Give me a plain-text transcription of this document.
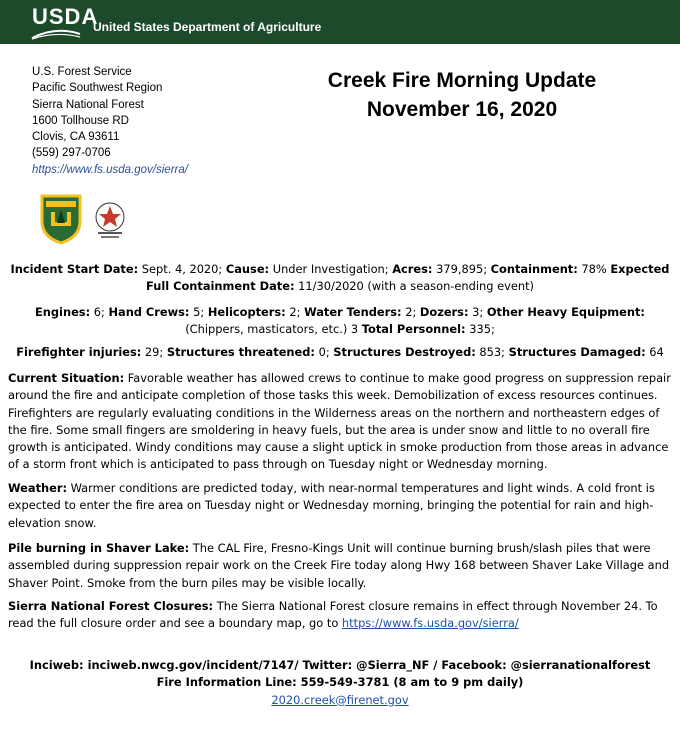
USDA
United States Department of Agriculture
U.S. Forest Service
Pacific Southwest Region
Sierra National Forest
1600 Tollhouse RD
Clovis, CA 93611
(559) 297-0706
https://www.fs.usda.gov/sierra/
Creek Fire Morning Update
November 16, 2020
Incident Start Date: Sept. 4, 2020; Cause: Under Investigation; Acres: 379,895; Containment: 78% Expected Full Containment Date: 11/30/2020 (with a season-ending event)
Engines: 6; Hand Crews: 5; Helicopters: 2; Water Tenders: 2; Dozers: 3; Other Heavy Equipment: (Chippers, masticators, etc.) 3 Total Personnel: 335;
Firefighter injuries: 29; Structures threatened: 0; Structures Destroyed: 853; Structures Damaged: 64
Current Situation: Favorable weather has allowed crews to continue to make good progress on suppression repair around the fire and anticipate completion of those tasks this week. Demobilization of excess resources continues. Firefighters are regularly evaluating conditions in the Wilderness areas on the northern and northeastern edges of the fire. Some small fingers are smoldering in heavy fuels, but the area is under snow and little to no overall fire growth is anticipated. Windy conditions may cause a slight uptick in smoke production from those areas in advance of a storm front which is anticipated to pass through on Tuesday night or Wednesday morning.
Weather: Warmer conditions are predicted today, with near-normal temperatures and light winds. A cold front is expected to enter the fire area on Tuesday night or Wednesday morning, bringing the potential for rain and high-elevation snow.
Pile burning in Shaver Lake: The CAL Fire, Fresno-Kings Unit will continue burning brush/slash piles that were assembled during suppression repair work on the Creek Fire today along Hwy 168 between Shaver Lake Village and Shaver Point. Smoke from the burn piles may be visible locally.
Sierra National Forest Closures: The Sierra National Forest closure remains in effect through November 24. To read the full closure order and see a boundary map, go to https://www.fs.usda.gov/sierra/
Inciweb: inciweb.nwcg.gov/incident/7147/ Twitter: @Sierra_NF / Facebook: @sierranationalforest
Fire Information Line: 559-549-3781 (8 am to 9 pm daily)
2020.creek@firenet.gov
